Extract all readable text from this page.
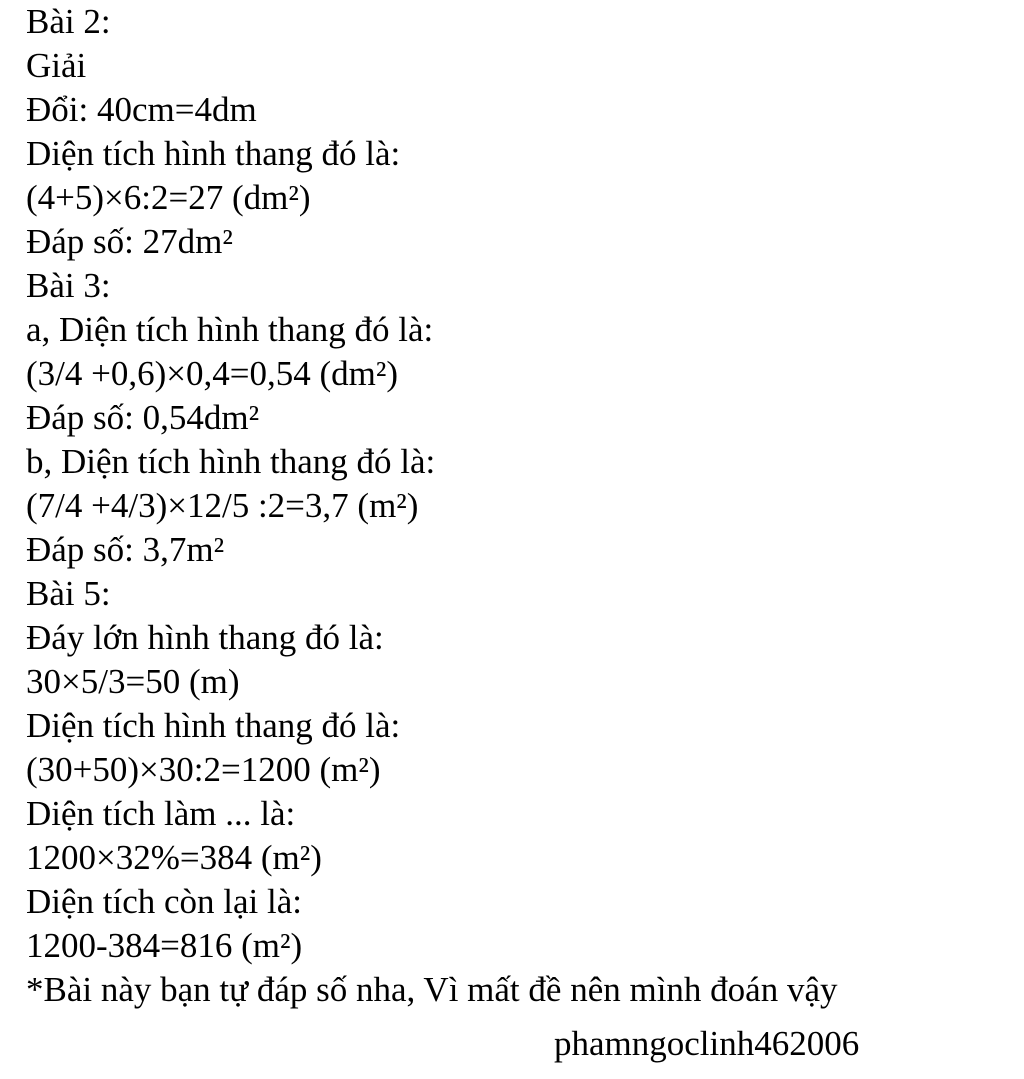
Bài 2:
Giải
Đổi: 40cm=4dm
Diện tích hình thang đó là:
(4+5)×6:2=27 (dm²)
Đáp số: 27dm²
Bài 3:
a, Diện tích hình thang đó là:
(3/4 +0,6)×0,4=0,54 (dm²)
Đáp số: 0,54dm²
b, Diện tích hình thang đó là:
(7/4 +4/3)×12/5 :2=3,7 (m²)
Đáp số: 3,7m²
Bài 5:
Đáy lớn hình thang đó là:
30×5/3=50 (m)
Diện tích hình thang đó là:
(30+50)×30:2=1200 (m²)
Diện tích làm ... là:
1200×32%=384 (m²)
Diện tích còn lại là:
1200-384=816 (m²)
*Bài này bạn tự đáp số nha, Vì mất đề nên mình đoán vậy
phamngoclinh462006
